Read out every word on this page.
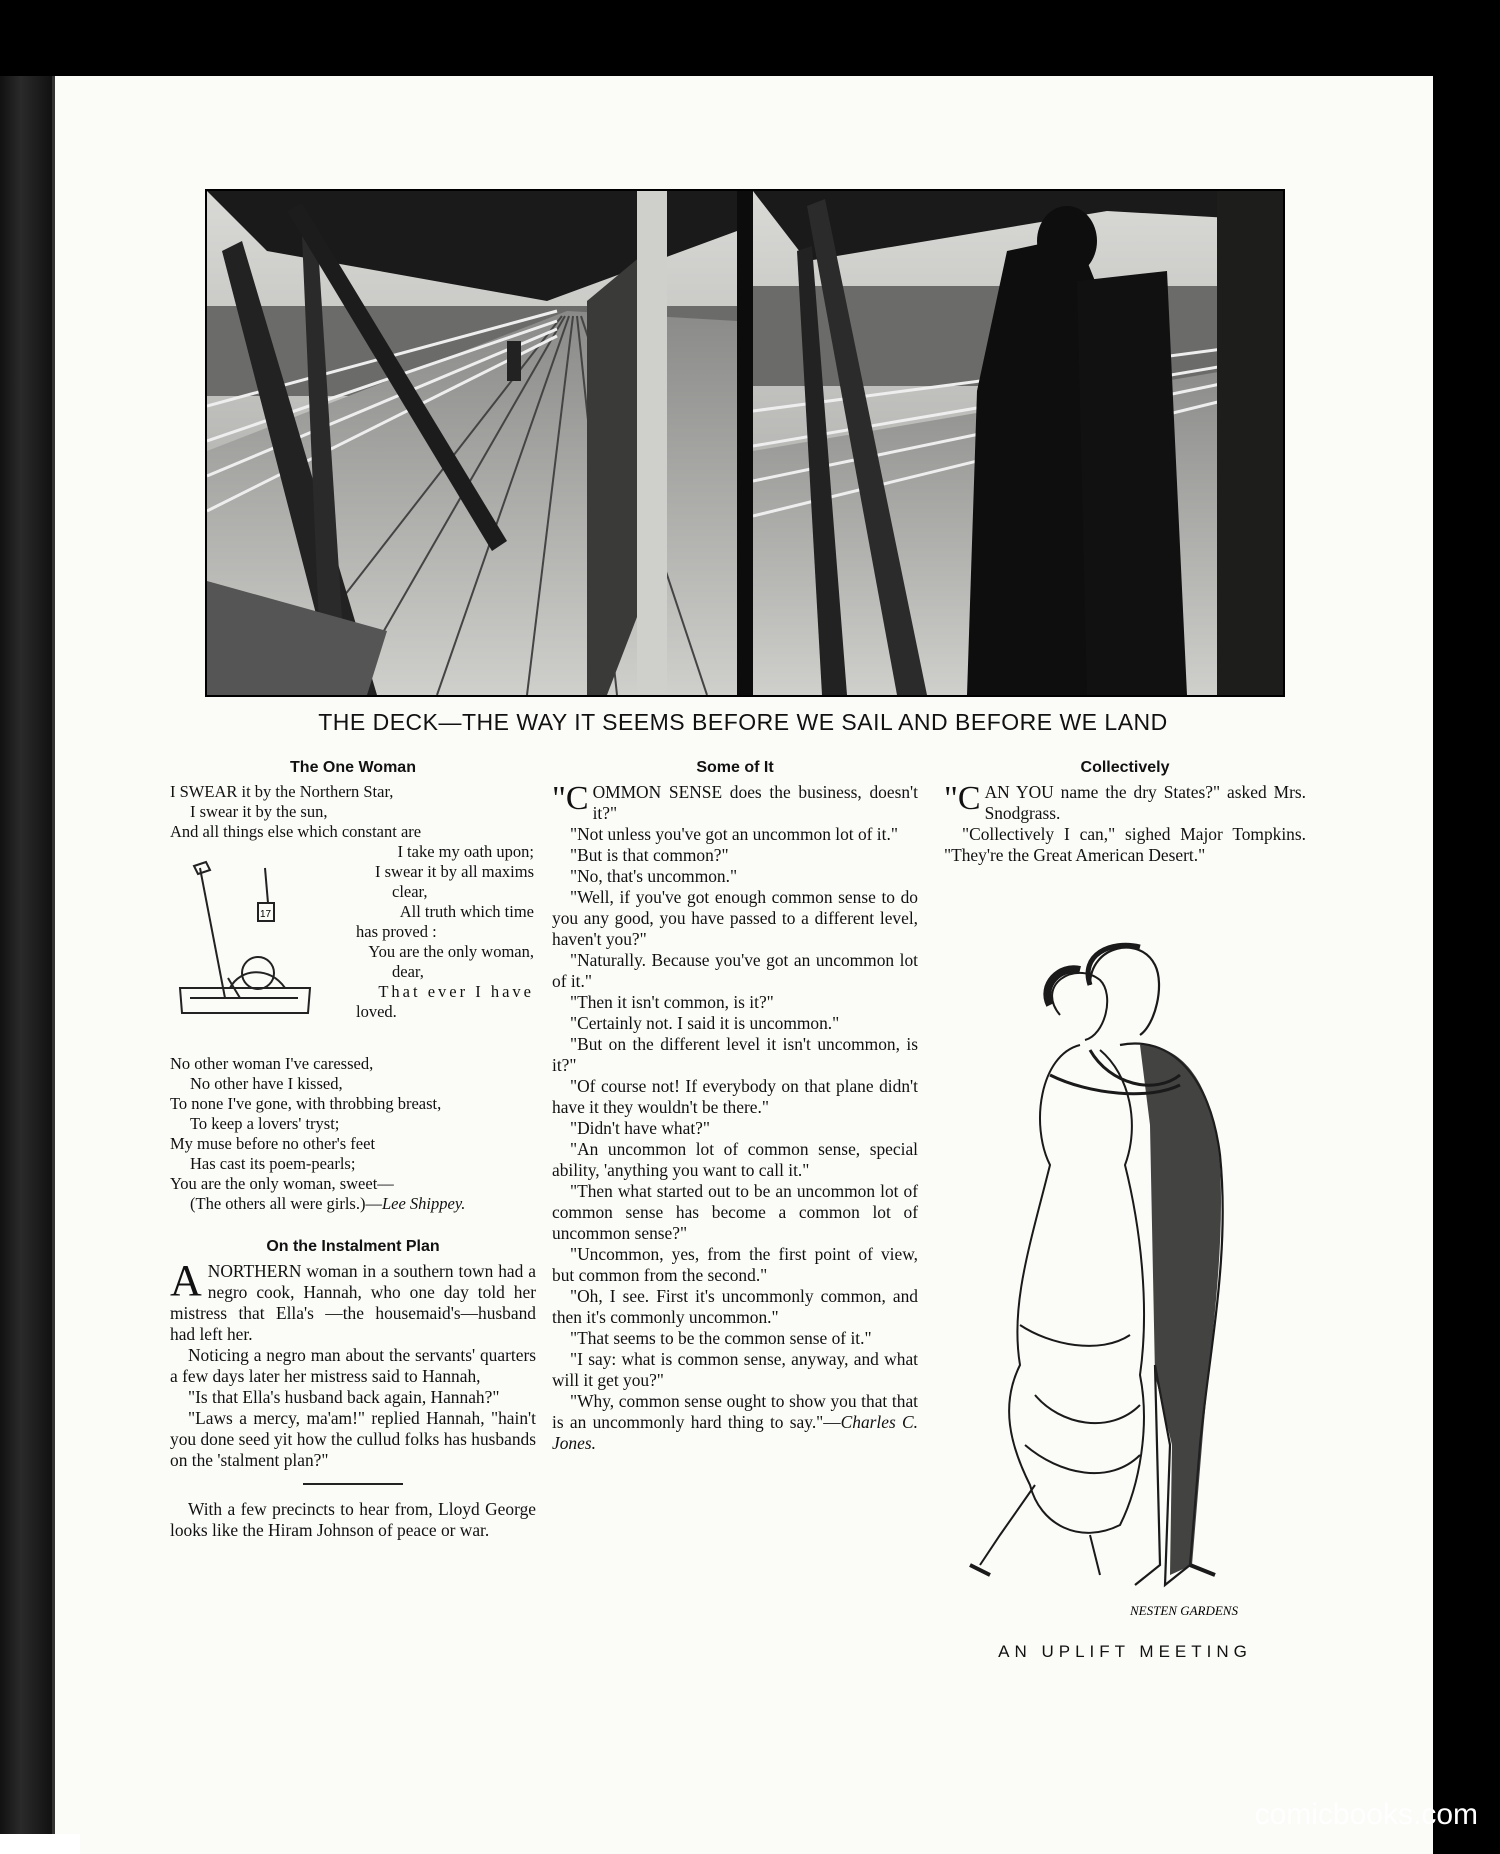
THE DECK—THE WAY IT SEEMS BEFORE WE SAIL AND BEFORE WE LAND
The One Woman
I SWEAR it by the Northern Star,
I swear it by the sun,
And all things else which constant are
17
I take my oath upon;
I swear it by all maxims
clear,
All truth which time
has proved :
You are the only woman,
dear,
That ever I have
loved.
No other woman I've caressed,
No other have I kissed,
To none I've gone, with throbbing breast,
To keep a lovers' tryst;
My muse before no other's feet
Has cast its poem-pearls;
You are the only woman, sweet—
(The others all were girls.)—Lee Shippey.
On the Instalment Plan

ANORTHERN woman in a southern town had a negro cook, Hannah, who one day told her mistress that Ella's —the housemaid's—husband had left her.

Noticing a negro man about the servants' quarters a few days later her mistress said to Hannah,

"Is that Ella's husband back again, Hannah?"

"Laws a mercy, ma'am!" replied Hannah, "hain't you done seed yit how the cullud folks has husbands on the 'stalment plan?"

With a few precincts to hear from, Lloyd George looks like the Hiram Johnson of peace or war.

Some of It

"COMMON SENSE does the business, doesn't it?"

"Not unless you've got an uncommon lot of it."

"But is that common?"

"No, that's uncommon."

"Well, if you've got enough common sense to do you any good, you have passed to a different level, haven't you?"

"Naturally. Because you've got an uncommon lot of it."

"Then it isn't common, is it?"

"Certainly not. I said it is uncommon."

"But on the different level it isn't uncommon, is it?"

"Of course not! If everybody on that plane didn't have it they wouldn't be there."

"Didn't have what?"

"An uncommon lot of common sense, special ability, 'anything you want to call it."

"Then what started out to be an uncommon lot of common sense has become a common lot of uncommon sense?"

"Uncommon, yes, from the first point of view, but common from the second."

"Oh, I see. First it's uncommonly common, and then it's commonly uncommon."

"That seems to be the common sense of it."

"I say: what is common sense, anyway, and what will it get you?"

"Why, common sense ought to show you that that is an uncommonly hard thing to say."—Charles C. Jones.

Collectively

"CAN YOU name the dry States?" asked Mrs. Snodgrass.

"Collectively I can," sighed Major Tompkins. "They're the Great American Desert."

NESTEN GARDENS
AN UPLIFT MEETING
comicbooks.com
